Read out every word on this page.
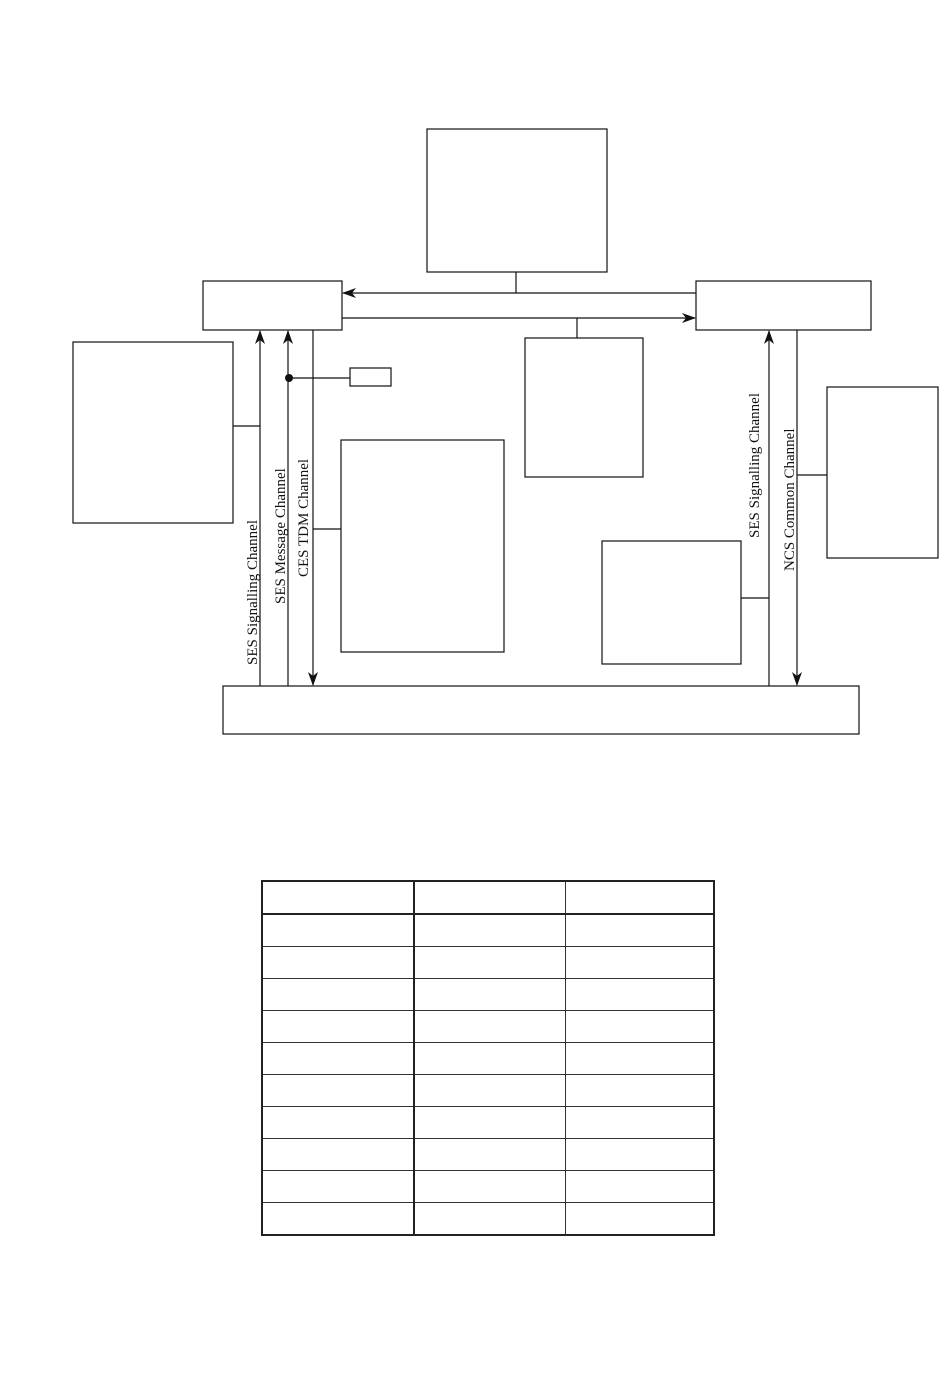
SES Signalling Channel SES Message Channel CES TDM Channel	SES Signalling Channel NCS Common Channel
